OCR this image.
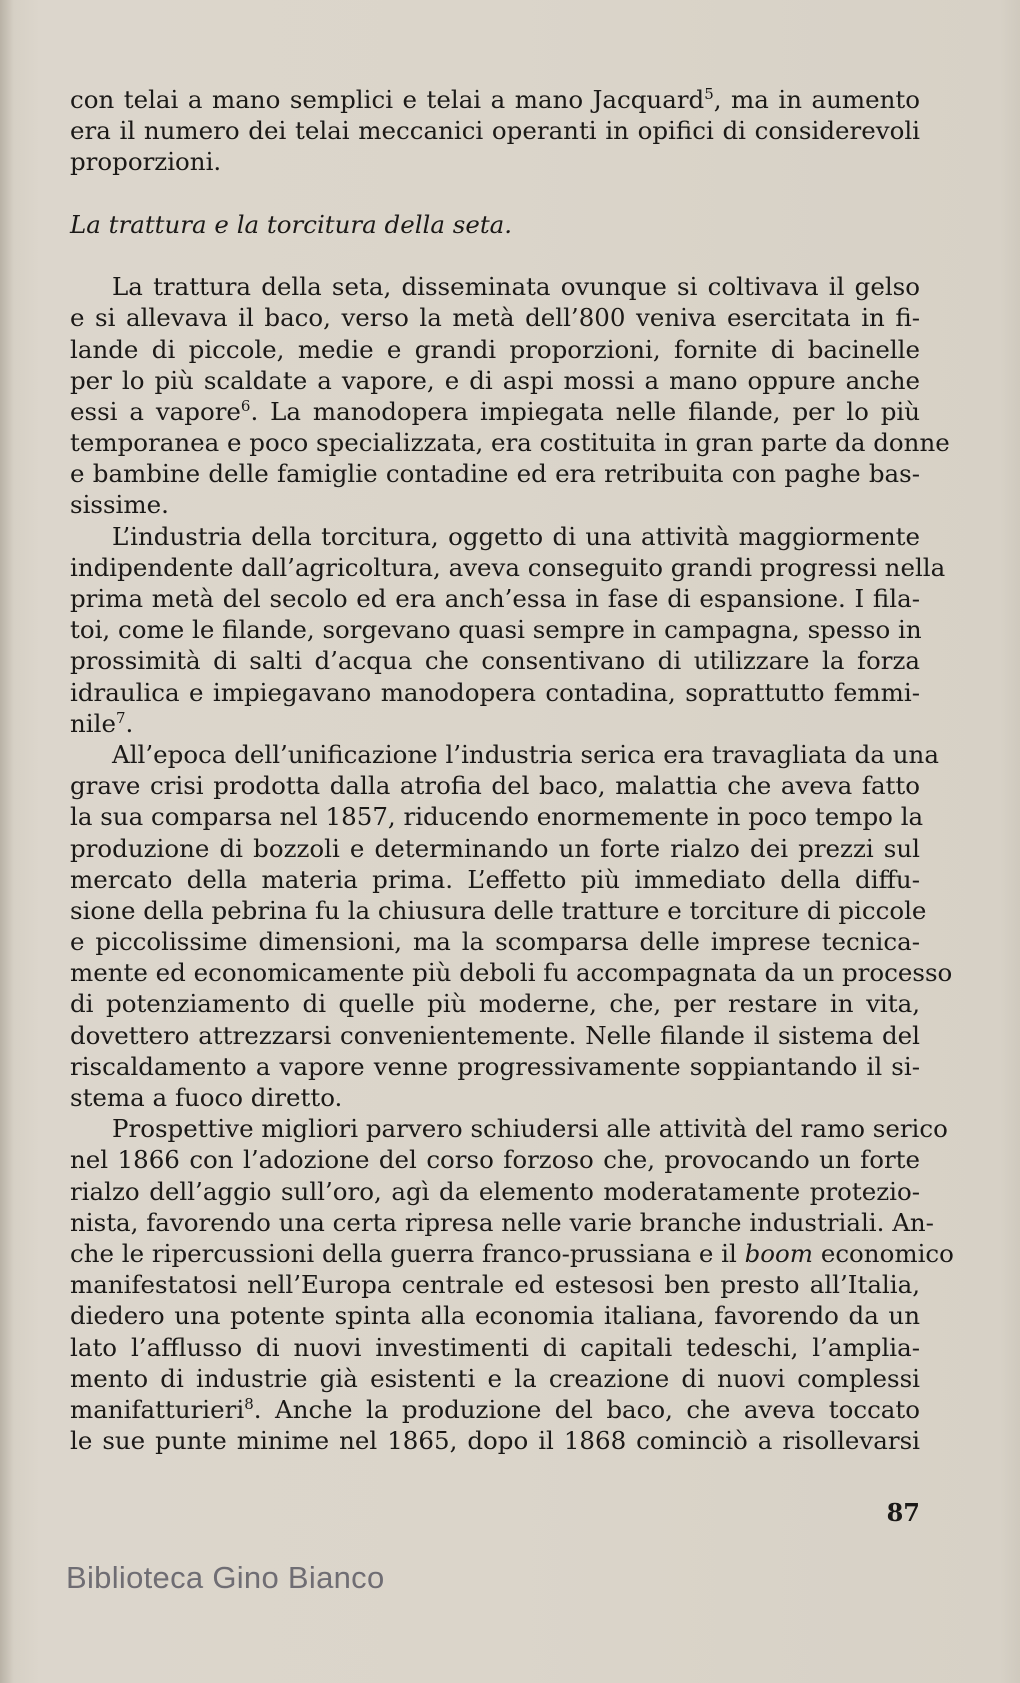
con telai a mano semplici e telai a mano Jacquard$^5$, ma in aumento
era il numero dei telai meccanici operanti in opifici di considerevoli
proporzioni.
La trattura e la torcitura della seta.
La trattura della seta, disseminata ovunque si coltivava il gelso
e si allevava il baco, verso la metà dell’800 veniva esercitata in fi-
lande di piccole, medie e grandi proporzioni, fornite di bacinelle
per lo più scaldate a vapore, e di aspi mossi a mano oppure anche
essi a vapore$^6$. La manodopera impiegata nelle filande, per lo più
temporanea e poco specializzata, era costituita in gran parte da donne
e bambine delle famiglie contadine ed era retribuita con paghe bas-
sissime.
L’industria della torcitura, oggetto di una attività maggiormente
indipendente dall’agricoltura, aveva conseguito grandi progressi nella
prima metà del secolo ed era anch’essa in fase di espansione. I fila-
toi, come le filande, sorgevano quasi sempre in campagna, spesso in
prossimità di salti d’acqua che consentivano di utilizzare la forza
idraulica e impiegavano manodopera contadina, soprattutto femmi-
nile$^7$.
All’epoca dell’unificazione l’industria serica era travagliata da una
grave crisi prodotta dalla atrofia del baco, malattia che aveva fatto
la sua comparsa nel 1857, riducendo enormemente in poco tempo la
produzione di bozzoli e determinando un forte rialzo dei prezzi sul
mercato della materia prima. L’effetto più immediato della diffu-
sione della pebrina fu la chiusura delle tratture e torciture di piccole
e piccolissime dimensioni, ma la scomparsa delle imprese tecnica-
mente ed economicamente più deboli fu accompagnata da un processo
di potenziamento di quelle più moderne, che, per restare in vita,
dovettero attrezzarsi convenientemente. Nelle filande il sistema del
riscaldamento a vapore venne progressivamente soppiantando il si-
stema a fuoco diretto.
Prospettive migliori parvero schiudersi alle attività del ramo serico
nel 1866 con l’adozione del corso forzoso che, provocando un forte
rialzo dell’aggio sull’oro, agì da elemento moderatamente protezio-
nista, favorendo una certa ripresa nelle varie branche industriali. An-
che le ripercussioni della guerra franco-prussiana e il boom economico
manifestatosi nell’Europa centrale ed estesosi ben presto all’Italia,
diedero una potente spinta alla economia italiana, favorendo da un
lato l’afflusso di nuovi investimenti di capitali tedeschi, l’amplia-
mento di industrie già esistenti e la creazione di nuovi complessi
manifatturieri$^8$. Anche la produzione del baco, che aveva toccato
le sue punte minime nel 1865, dopo il 1868 cominciò a risollevarsi
87
Biblioteca Gino Bianco
